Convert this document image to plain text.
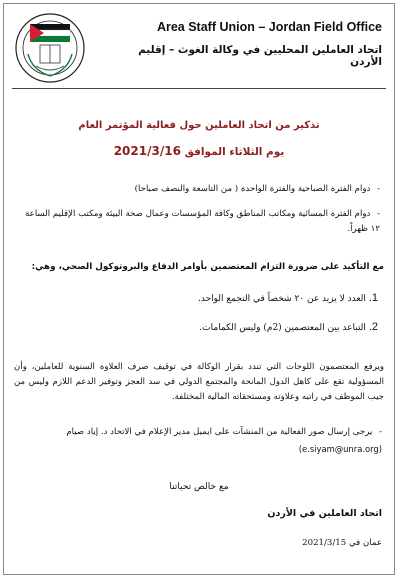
Area Staff Union – Jordan Field Office
اتحاد العاملين المحليين في وكالة الغوث – إقليم الأردن
تذكير من اتحاد العاملين حول فعالية المؤتمر العام
يوم الثلاثاء الموافق 2021/3/16
- دوام الفترة الصباحية والفترة الواحدة ( من التاسعة والنصف صباحا)
- دوام الفترة المسائية ومكاتب المناطق وكافة المؤسسات وعمال صحة البيئة ومكتب الإقليم الساعة ١٢ ظهراً.
مع التأكيد على ضرورة التزام المعتصمين بأوامر الدفاع والبروتوكول الصحي، وهي:
1. العدد لا يزيد عن ٢٠ شخصاً في التجمع الواحد.
2. التباعد بين المعتصمين (2م) وليس الكمامات.
ويرفع المعتصمون اللوحات التي تندد بقرار الوكالة في توقيف صرف العلاوة السنوية للعاملين، وأن المسؤولية تقع على كاهل الدول المانحة والمجتمع الدولي في سد العجز وتوفير الدعم اللازم وليس من جيب الموظف في راتبه وعلاوته ومستحقاته المالية المختلفة.
- يرجى إرسال صور الفعالية من المنشآت على ايميل مدير الإعلام في الاتحاد د. إياد صيام (e.siyam@unra.org)
مع خالص تحياتنا
اتحاد العاملين في الأردن
عمان في 2021/3/15
